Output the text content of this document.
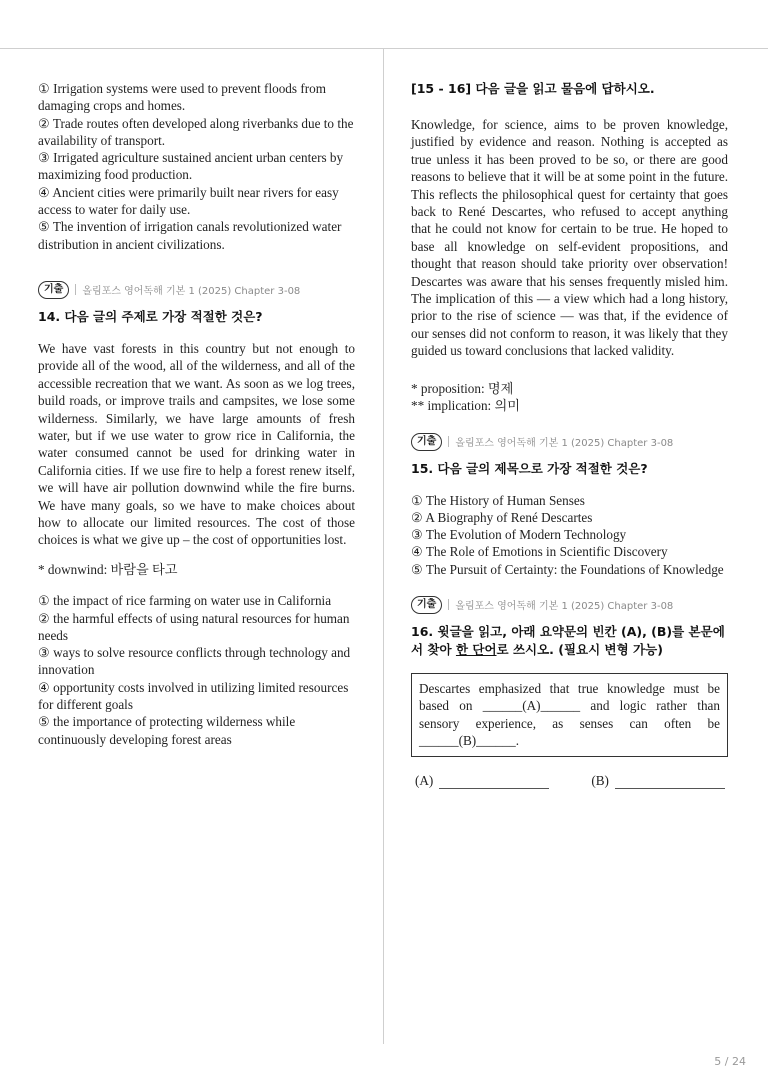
① Irrigation systems were used to prevent floods from damaging crops and homes.

② Trade routes often developed along riverbanks due to the availability of transport.

③ Irrigated agriculture sustained ancient urban centers by maximizing food production.

④ Ancient cities were primarily built near rivers for easy access to water for daily use.

⑤ The invention of irrigation canals revolutionized water distribution in ancient civilizations.

기출	올림포스 영어독해 기본 1 (2025) Chapter 3-08
14. 다음 글의 주제로 가장 적절한 것은?

We have vast forests in this country but not enough to provide all of the wood, all of the wilderness, and all of the accessible recreation that we want. As soon as we log trees, build roads, or improve trails and campsites, we lose some wilderness. Similarly, we have large amounts of fresh water, but if we use water to grow rice in California, the water consumed cannot be used for drinking water in California cities. If we use fire to help a forest renew itself, we will have air pollution downwind while the fire burns. We have many goals, so we have to make choices about how to allocate our limited resources. The cost of those choices is what we give up – the cost of opportunities lost.

* downwind: 바람을 타고

① the impact of rice farming on water use in California

② the harmful effects of using natural resources for human needs

③ ways to solve resource conflicts through technology and innovation

④ opportunity costs involved in utilizing limited resources for different goals

⑤ the importance of protecting wilderness while continuously developing forest areas

[15 - 16] 다음 글을 읽고 물음에 답하시오.

Knowledge, for science, aims to be proven knowledge, justified by evidence and reason. Nothing is accepted as true unless it has been proved to be so, or there are good reasons to believe that it will be at some point in the future. This reflects the philosophical quest for certainty that goes back to René Descartes, who refused to accept anything that he could not know for certain to be true. He hoped to base all knowledge on self-evident propositions, and thought that reason should take priority over observation! Descartes was aware that his senses frequently misled him. The implication of this — a view which had a long history, prior to the rise of science — was that, if the evidence of our senses did not conform to reason, it was likely that they guided us toward conclusions that lacked validity.

* proposition: 명제

** implication: 의미

기출	올림포스 영어독해 기본 1 (2025) Chapter 3-08
15. 다음 글의 제목으로 가장 적절한 것은?

① The History of Human Senses

② A Biography of René Descartes

③ The Evolution of Modern Technology

④ The Role of Emotions in Scientific Discovery

⑤ The Pursuit of Certainty: the Foundations of Knowledge

기출	올림포스 영어독해 기본 1 (2025) Chapter 3-08
16. 윗글을 읽고, 아래 요약문의 빈칸 (A), (B)를 본문에서 찾아 한 단어로 쓰시오. (필요시 변형 가능)
Descartes emphasized that true knowledge must be based on ______(A)______ and logic rather than sensory experience, as senses can often be ______(B)______.
(A)	(B)
5 / 24
